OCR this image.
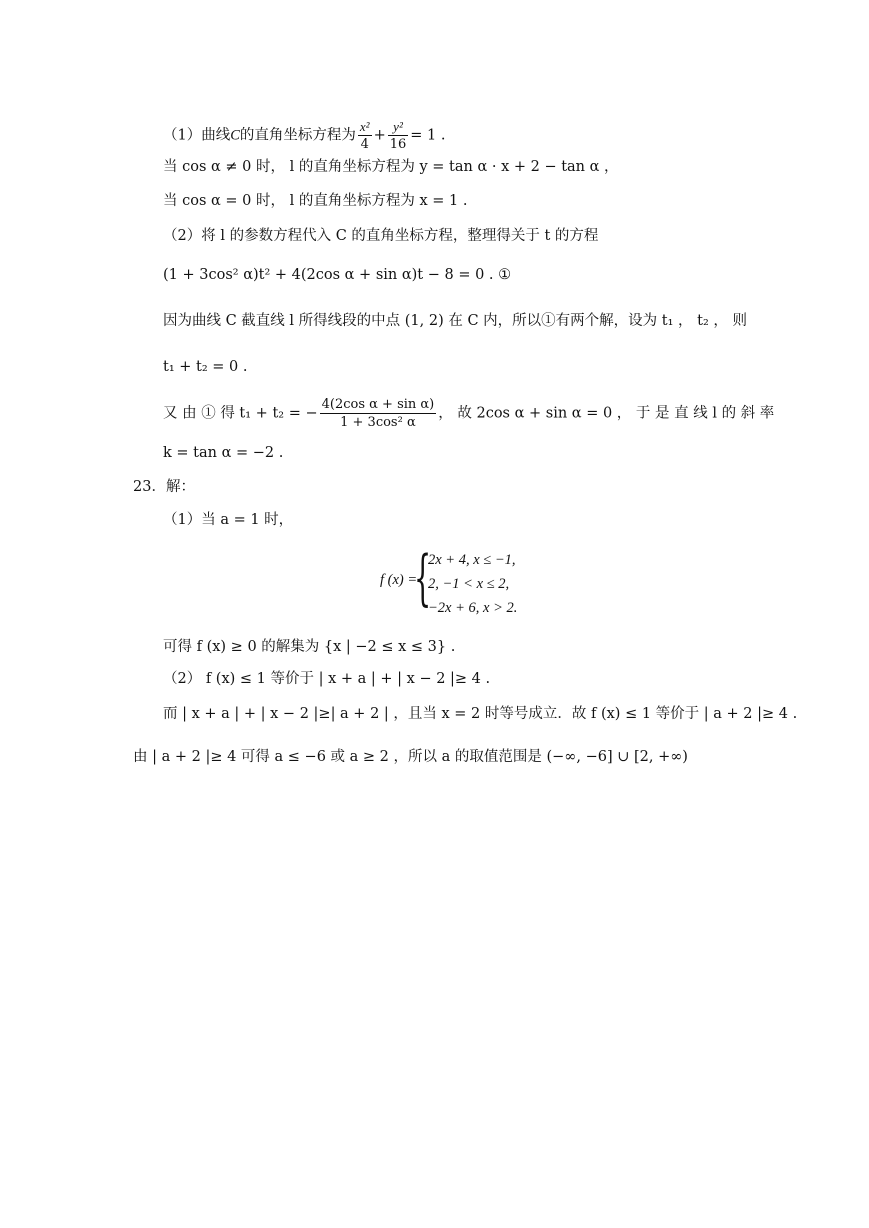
（1）曲线C的直角坐标方程为 $\frac{\text{x²}}{4} + \frac{\text{y²}}{16} = 1$ .
当 cos α ≠ 0 时， l 的直角坐标方程为 y = tan α · x + 2 − tan α ，
当 cos α = 0 时， l 的直角坐标方程为 x = 1 .
（2）将 l 的参数方程代入 C 的直角坐标方程，整理得关于 t 的方程
(1 + 3cos² α)t² + 4(2cos α + sin α)t − 8 = 0 . ①
因为曲线 C 截直线 l 所得线段的中点 (1, 2) 在 C 内，所以①有两个解，设为 t₁ ， t₂ ， 则
t₁ + t₂ = 0 .
又 由 ① 得 t₁ + t₂ = − $\frac{\text{4(2cos α + sin α)}}{\text{1 + 3cos² α}}$ ， 故 2cos α + sin α = 0 ， 于 是 直 线 l 的 斜 率
k = tan α = −2 .
23．解：
（1）当 a = 1 时，
f (x) =
{
2x + 4, x ≤ −1,
2, −1 < x ≤ 2,
−2x + 6, x > 2.
可得 f (x) ≥ 0 的解集为 {x | −2 ≤ x ≤ 3} .
（2） f (x) ≤ 1 等价于 | x + a | + | x − 2 |≥ 4 .
而 | x + a | + | x − 2 |≥| a + 2 | ，且当 x = 2 时等号成立．故 f (x) ≤ 1 等价于 | a + 2 |≥ 4 .
由 | a + 2 |≥ 4 可得 a ≤ −6 或 a ≥ 2 ，所以 a 的取值范围是 (−∞, −6] ∪ [2, +∞)
